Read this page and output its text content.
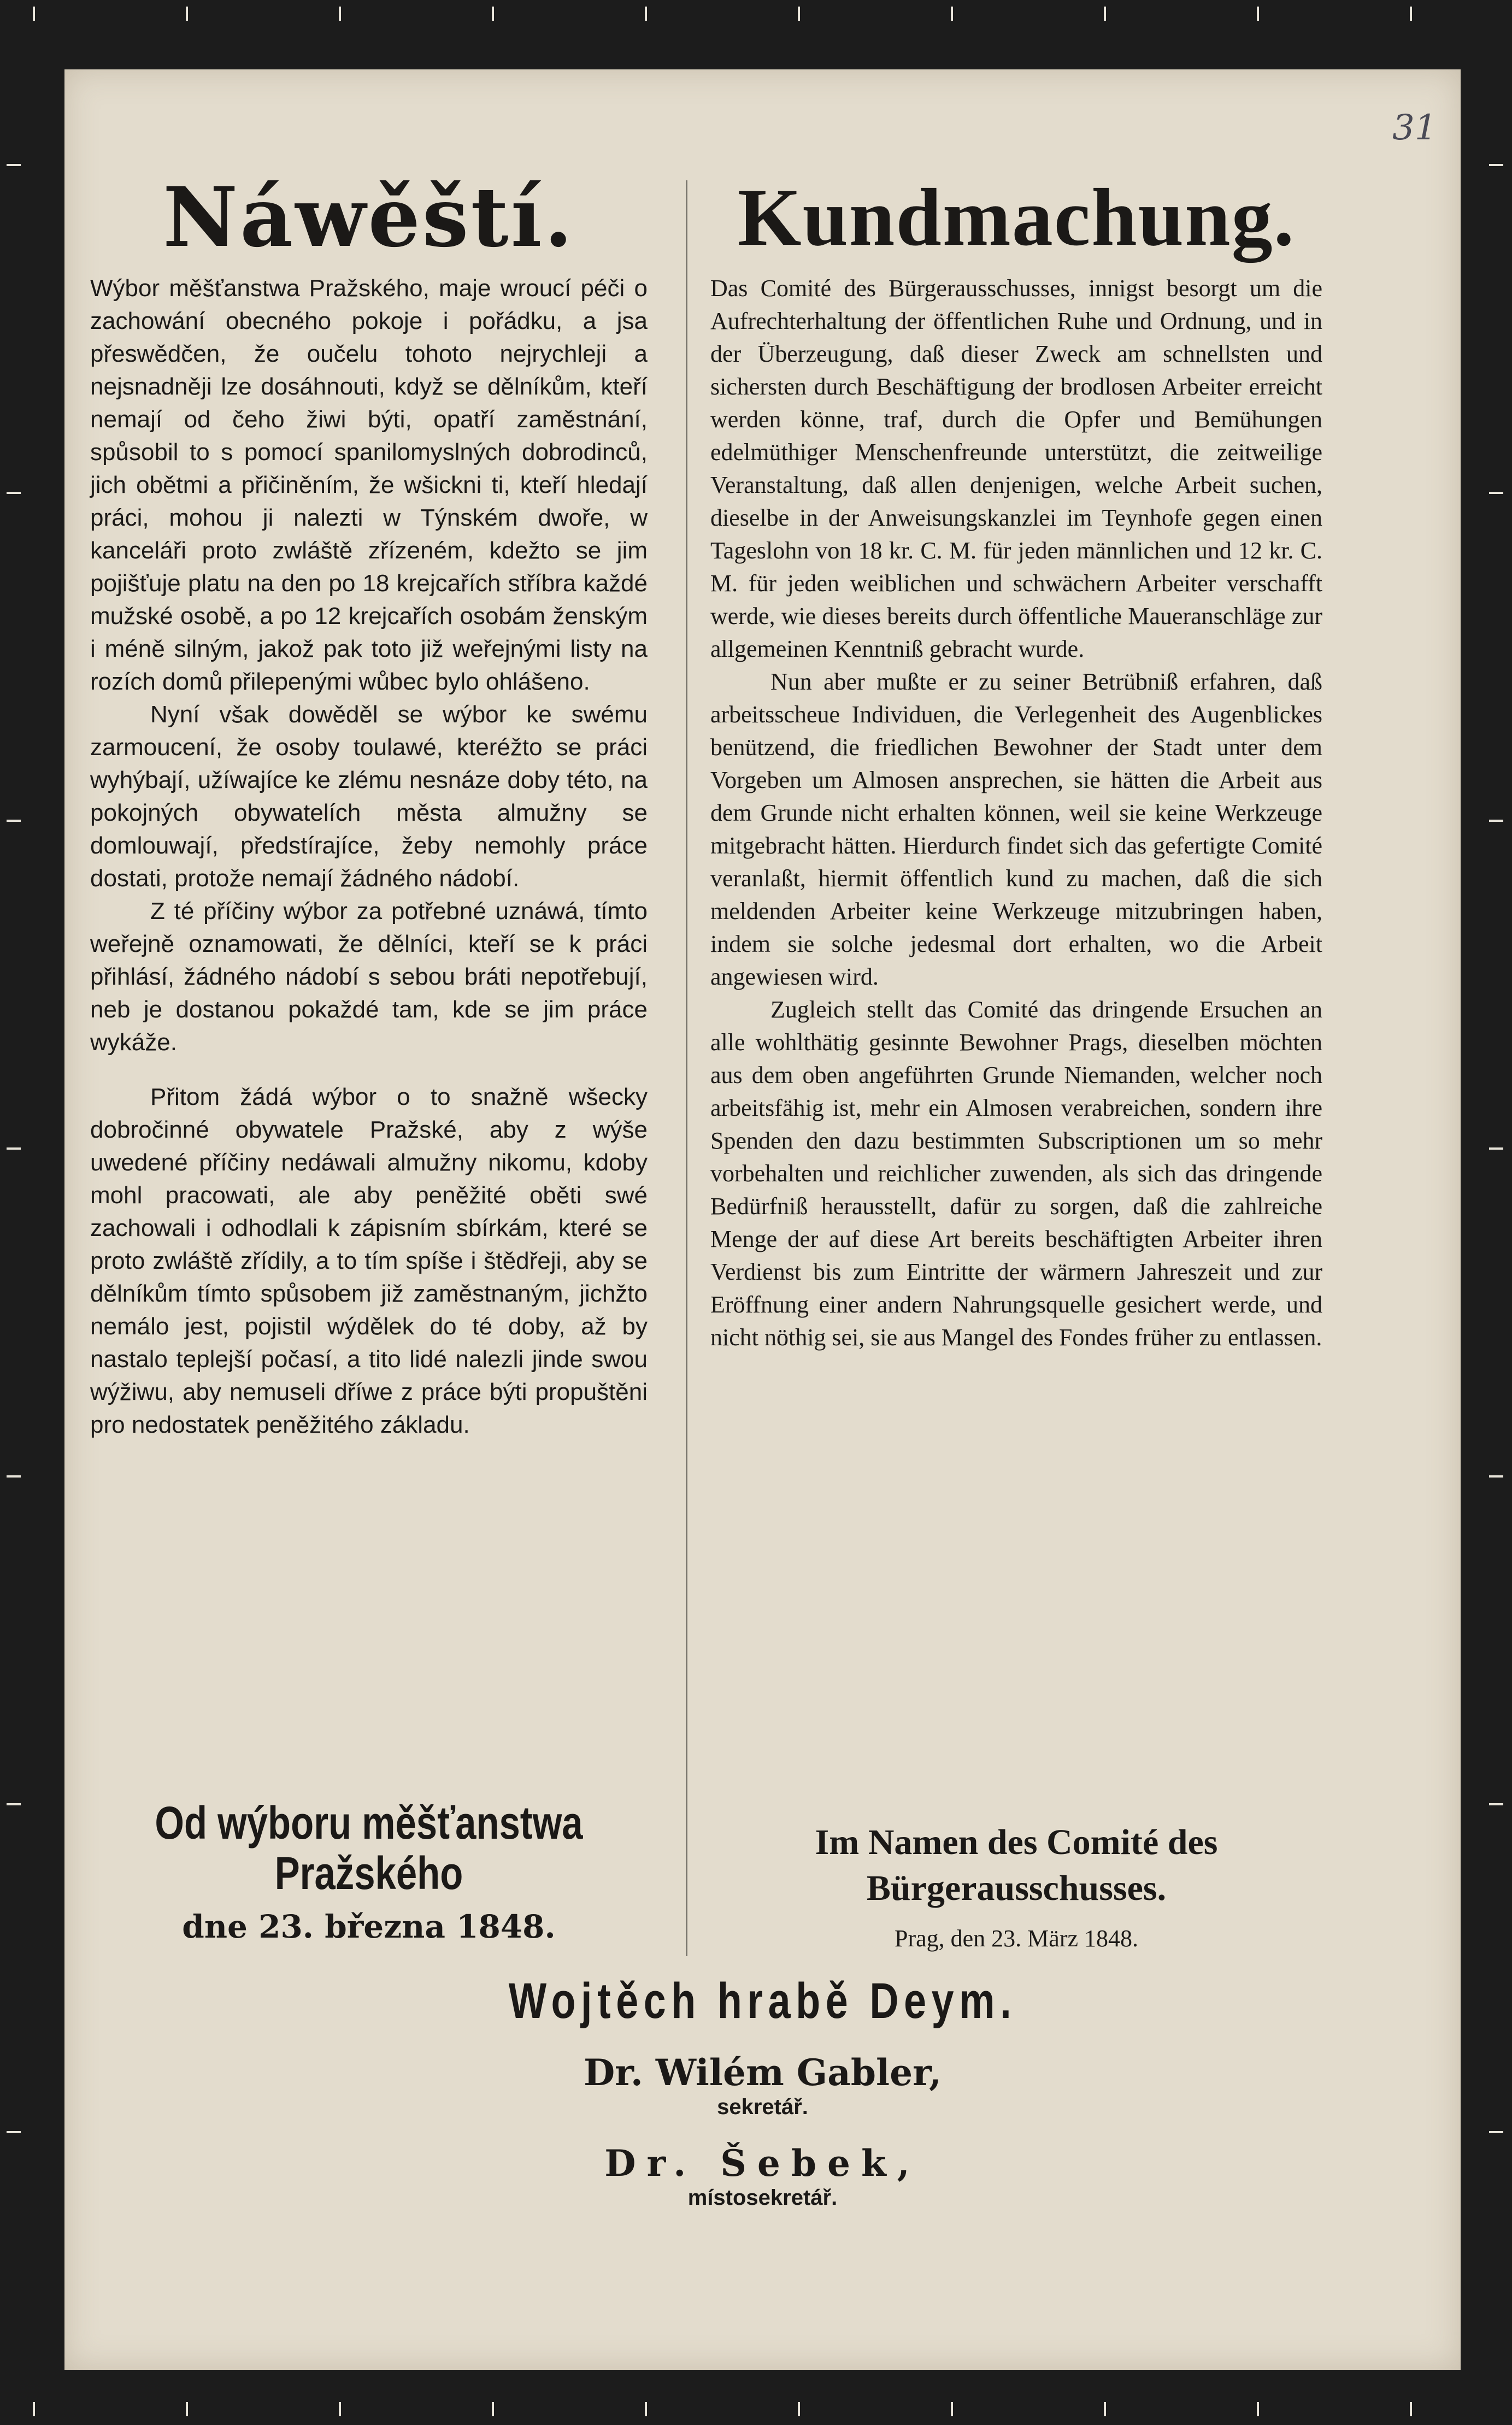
31
Náwěští.

Wýbor měšťanstwa Pražského, maje wroucí péči o zachowání obecného pokoje i pořádku, a jsa přeswědčen, že oučelu tohoto nejrychleji a nejsnadněji lze dosáhnouti, když se dělníkům, kteří nemají od čeho žiwi býti, opatří zaměstnání, spůsobil to s pomocí spanilomyslných dobrodinců, jich obětmi a přičiněním, že wšickni ti, kteří hledají práci, mohou ji nalezti w Týnském dwoře, w kanceláři proto zwláště zřízeném, kdežto se jim pojišťuje platu na den po 18 krejcařích stříbra každé mužské osobě, a po 12 krejcařích osobám ženským i méně silným, jakož pak toto již weřejnými listy na rozích domů přilepenými wůbec bylo ohlášeno.

Nyní však dowěděl se wýbor ke swému zarmoucení, že osoby toulawé, kteréžto se práci wyhýbají, užíwajíce ke zlému nesnáze doby této, na pokojných obywatelích města almužny se domlouwají, předstírajíce, žeby nemohly práce dostati, protože nemají žádného nádobí.

Z té příčiny wýbor za potřebné uznáwá, tímto weřejně oznamowati, že dělníci, kteří se k práci přihlásí, žádného nádobí s sebou bráti nepotřebují, neb je dostanou pokaždé tam, kde se jim práce wykáže.

Přitom žádá wýbor o to snažně wšecky dobročinné obywatele Pražské, aby z wýše uwedené příčiny nedáwali almužny nikomu, kdoby mohl pracowati, ale aby peněžité oběti swé zachowali i odhodlali k zápisním sbírkám, které se proto zwláště zřídily, a to tím spíše i štědřeji, aby se dělníkům tímto spůsobem již zaměstnaným, jichžto nemálo jest, pojistil wýdělek do té doby, až by nastalo teplejší počasí, a tito lidé nalezli jinde swou wýžiwu, aby nemuseli dříwe z práce býti propuštěni pro nedostatek peněžitého základu.

Kundmachung.

Das Comité des Bürgerausschusses, innigst besorgt um die Aufrechterhaltung der öffentlichen Ruhe und Ordnung, und in der Überzeugung, daß dieser Zweck am schnellsten und sichersten durch Beschäftigung der brodlosen Arbeiter erreicht werden könne, traf, durch die Opfer und Bemühungen edelmüthiger Menschenfreunde unterstützt, die zeitweilige Veranstaltung, daß allen denjenigen, welche Arbeit suchen, dieselbe in der Anweisungskanzlei im Teynhofe gegen einen Tageslohn von 18 kr. C. M. für jeden männlichen und 12 kr. C. M. für jeden weiblichen und schwächern Arbeiter verschafft werde, wie dieses bereits durch öffentliche Maueranschläge zur allgemeinen Kenntniß gebracht wurde.

Nun aber mußte er zu seiner Betrübniß erfahren, daß arbeitsscheue Individuen, die Verlegenheit des Augenblickes benützend, die friedlichen Bewohner der Stadt unter dem Vorgeben um Almosen ansprechen, sie hätten die Arbeit aus dem Grunde nicht erhalten können, weil sie keine Werkzeuge mitgebracht hätten. Hierdurch findet sich das gefertigte Comité veranlaßt, hiermit öffentlich kund zu machen, daß die sich meldenden Arbeiter keine Werkzeuge mitzubringen haben, indem sie solche jedesmal dort erhalten, wo die Arbeit angewiesen wird.

Zugleich stellt das Comité das dringende Ersuchen an alle wohlthätig gesinnte Bewohner Prags, dieselben möchten aus dem oben angeführten Grunde Niemanden, welcher noch arbeitsfähig ist, mehr ein Almosen verabreichen, sondern ihre Spenden den dazu bestimmten Subscriptionen um so mehr vorbehalten und reichlicher zuwenden, als sich das dringende Bedürfniß herausstellt, dafür zu sorgen, daß die zahlreiche Menge der auf diese Art bereits beschäftigten Arbeiter ihren Verdienst bis zum Eintritte der wärmern Jahreszeit und zur Eröffnung einer andern Nahrungsquelle gesichert werde, und nicht nöthig sei, sie aus Mangel des Fondes früher zu entlassen.

Od wýboru měšťanstwa Pražského
dne 23. března 1848.
Im Namen des Comité des Bürgerausschusses.
Prag, den 23. März 1848.
Wojtěch hrabě Deym.
Dr. Wilém Gabler,
sekretář.
Dr. Šebek,
místosekretář.
